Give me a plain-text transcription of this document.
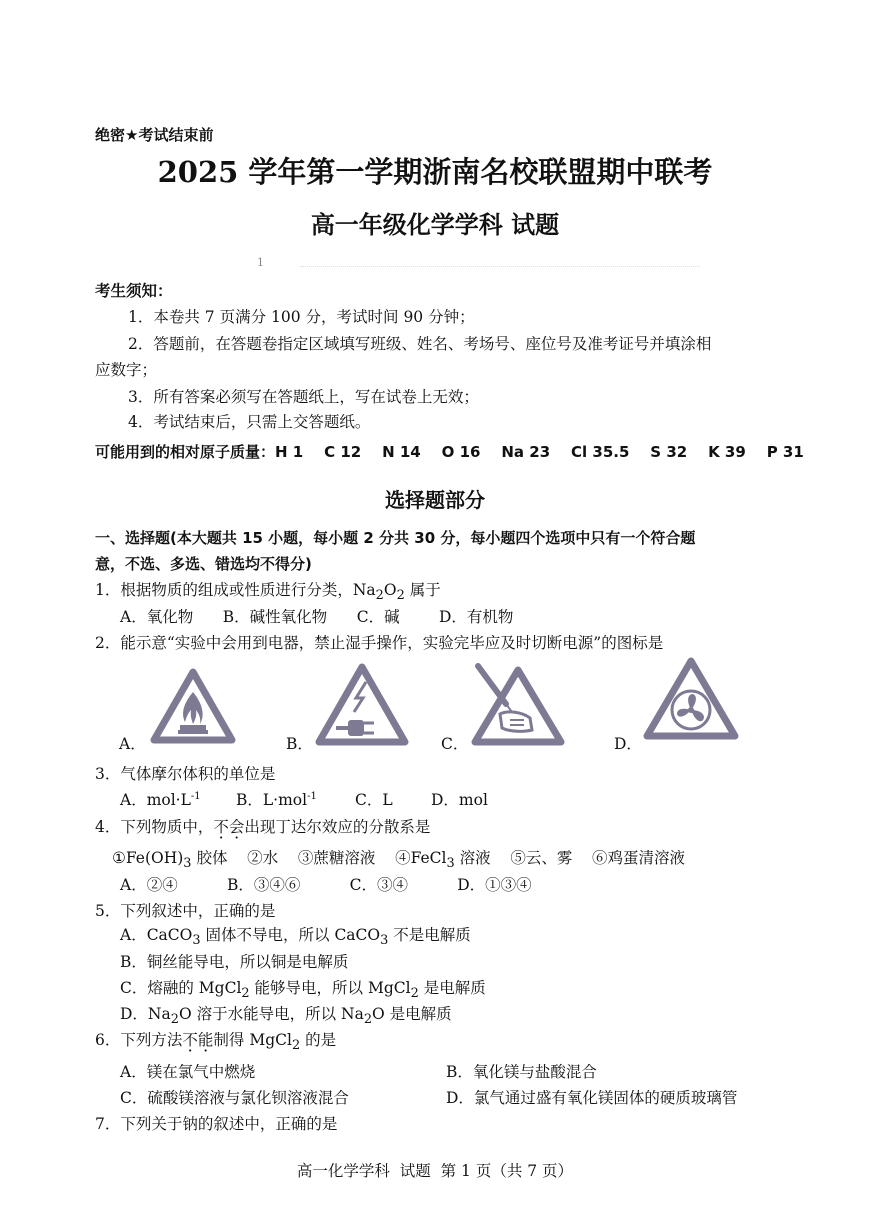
绝密★考试结束前
2025 学年第一学期浙南名校联盟期中联考
高一年级化学学科 试题
1
考生须知：
1．本卷共 7 页满分 100 分，考试时间 90 分钟；
2．答题前，在答题卷指定区域填写班级、姓名、考场号、座位号及准考证号并填涂相
应数字；
3．所有答案必须写在答题纸上，写在试卷上无效；
4．考试结束后，只需上交答题纸。
可能用到的相对原子质量：H 1    C 12    N 14    O 16    Na 23    Cl 35.5    S 32    K 39    P 31
选择题部分
一、选择题(本大题共 15 小题，每小题 2 分共 30 分，每小题四个选项中只有一个符合题
意，不选、多选、错选均不得分)
1．根据物质的组成或性质进行分类，$Na_2O_2$ 属于
A．氧化物      B．碱性氧化物      C．碱        D．有机物
2．能示意“实验中会用到电器，禁止湿手操作，实验完毕应及时切断电源”的图标是
A．	B．	C．	D．
3．气体摩尔体积的单位是
A．$mol\cdot L^{-1}$ B．L·mol$^{-1}$ C．L D．mol
4．下列物质中，不会出现丁达尔效应的分散系是
$①Fe(OH)_3$ 胶体    ②水    ③蔗糖溶液    ④FeCl$_3$ 溶液    ⑤云、雾    ⑥鸡蛋清溶液
A．②④          B．③④⑥          C．③④          D．①③④
5．下列叙述中，正确的是
A．CaCO$_3$ 固体不导电，所以 CaCO$_3$ 不是电解质
B．铜丝能导电，所以铜是电解质
C．熔融的 MgCl$_2$ 能够导电，所以 MgCl$_2$ 是电解质
D．$Na_2O$ 溶于水能导电，所以 $Na_2O$ 是电解质
6．下列方法不能制得 MgCl$_2$ 的是
A．镁在氯气中燃烧	B．氧化镁与盐酸混合
C．硫酸镁溶液与氯化钡溶液混合	D．氯气通过盛有氧化镁固体的硬质玻璃管
7．下列关于钠的叙述中，正确的是
高一化学学科  试题  第 1 页（共 7 页）
